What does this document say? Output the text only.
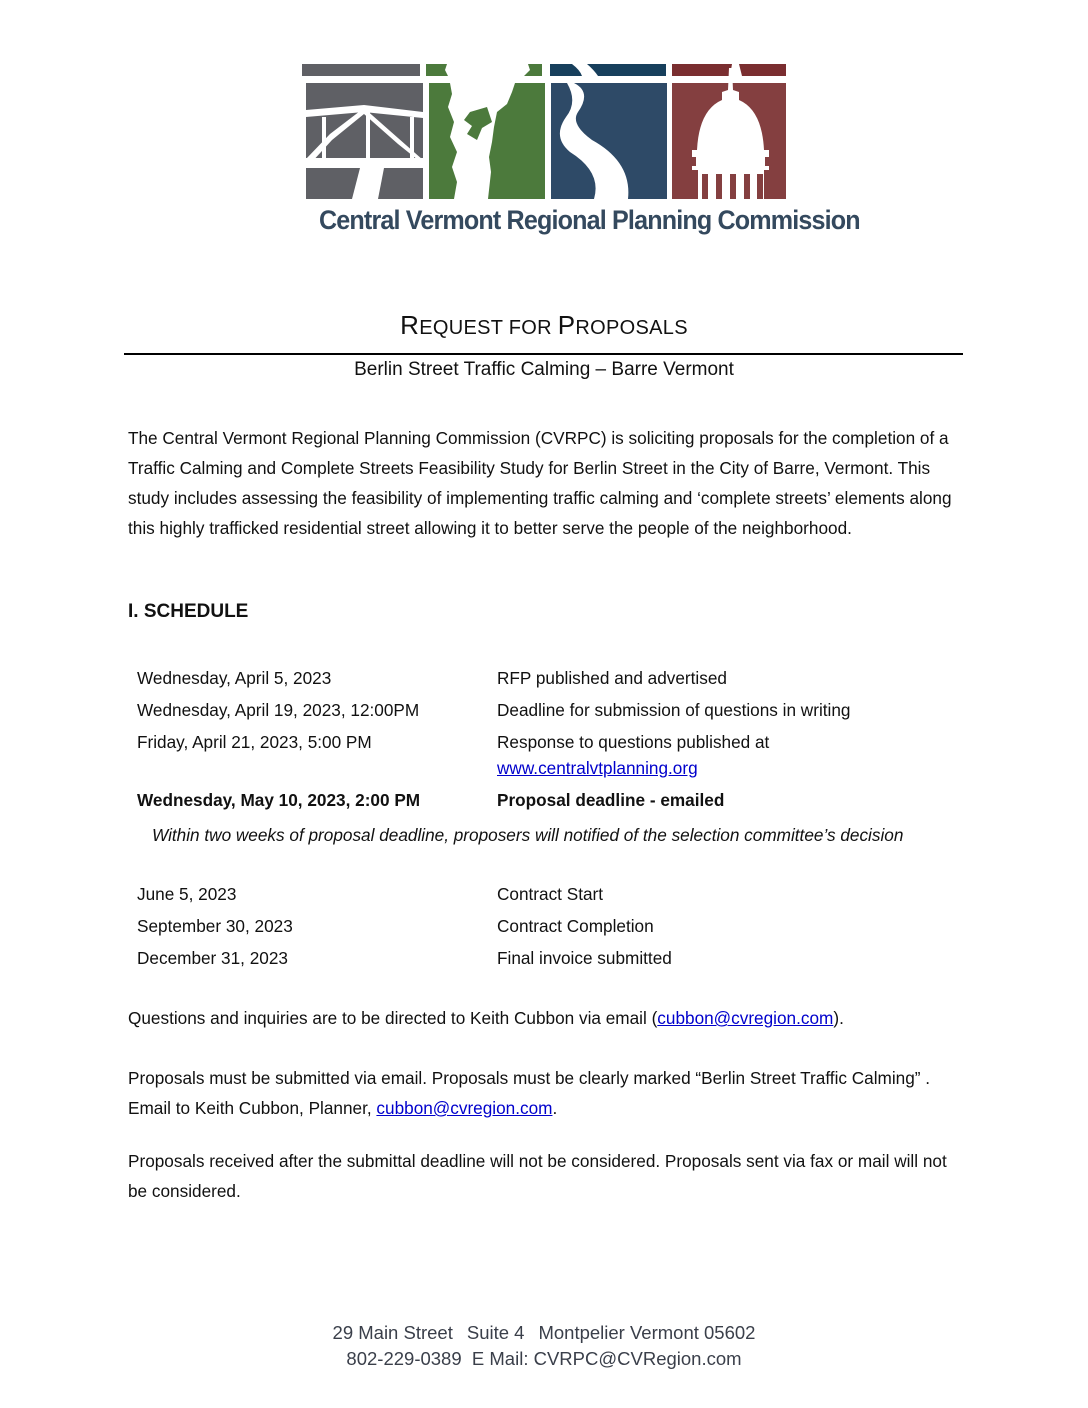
Central Vermont Regional Planning Commission
REQUEST FOR PROPOSALS
Berlin Street Traffic Calming – Barre Vermont
The Central Vermont Regional Planning Commission (CVRPC) is soliciting proposals for the completion of a Traffic Calming and Complete Streets Feasibility Study for Berlin Street in the City of Barre, Vermont. This study includes assessing the feasibility of implementing traffic calming and ‘complete streets’ elements along this highly trafficked residential street allowing it to better serve the people of the neighborhood.
I. SCHEDULE
Wednesday, April 5, 2023	RFP published and advertised
Wednesday, April 19, 2023, 12:00PM	Deadline for submission of questions in writing
Friday, April 21, 2023, 5:00 PM	Response to questions published at
www.centralvtplanning.org
Wednesday, May 10, 2023, 2:00 PM	Proposal deadline - emailed
Within two weeks of proposal deadline, proposers will notified of the selection committee’s decision
June 5, 2023	Contract Start
September 30, 2023	Contract Completion
December 31, 2023	Final invoice submitted
Questions and inquiries are to be directed to Keith Cubbon via email (cubbon@cvregion.com).
Proposals must be submitted via email. Proposals must be clearly marked “Berlin Street Traffic Calming” . Email to Keith Cubbon, Planner, cubbon@cvregion.com.
Proposals received after the submittal deadline will not be considered. Proposals sent via fax or mail will not be considered.
29 Main Street Suite 4 Montpelier Vermont 05602
802-229-0389 E Mail: CVRPC@CVRegion.com
